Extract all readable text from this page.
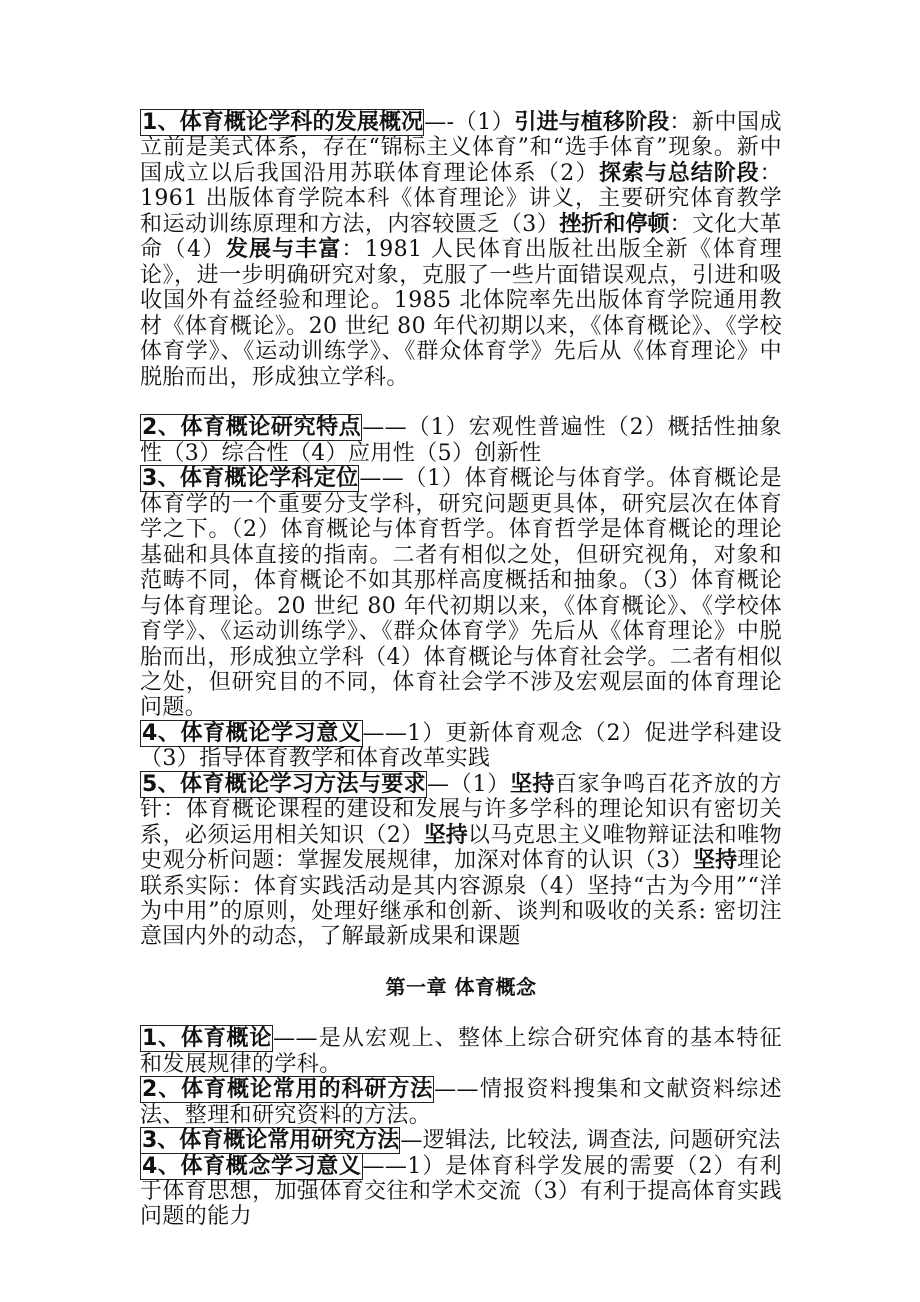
1、体育概论学科的发展概况—-（1）引进与植移阶段：新中国成立前是美式体系，存在“锦标主义体育”和“选手体育”现象。新中国成立以后我国沿用苏联体育理论体系（2）探索与总结阶段：1961 出版体育学院本科《体育理论》讲义，主要研究体育教学和运动训练原理和方法，内容较匮乏（3）挫折和停顿：文化大革命（4）发展与丰富：1981 人民体育出版社出版全新《体育理论》，进一步明确研究对象，克服了一些片面错误观点，引进和吸收国外有益经验和理论。1985 北体院率先出版体育学院通用教材《体育概论》。20 世纪 80 年代初期以来，《体育概论》、《学校体育学》、《运动训练学》、《群众体育学》先后从《体育理论》中脱胎而出，形成独立学科。

2、体育概论研究特点——（1）宏观性普遍性（2）概括性抽象性（3）综合性（4）应用性（5）创新性

3、体育概论学科定位——（1）体育概论与体育学。体育概论是体育学的一个重要分支学科，研究问题更具体，研究层次在体育学之下。（2）体育概论与体育哲学。体育哲学是体育概论的理论基础和具体直接的指南。二者有相似之处，但研究视角，对象和范畴不同，体育概论不如其那样高度概括和抽象。（3）体育概论与体育理论。20 世纪 80 年代初期以来，《体育概论》、《学校体育学》、《运动训练学》、《群众体育学》先后从《体育理论》中脱胎而出，形成独立学科（4）体育概论与体育社会学。二者有相似之处，但研究目的不同，体育社会学不涉及宏观层面的体育理论问题。

4、体育概论学习意义——1）更新体育观念（2）促进学科建设（3）指导体育教学和体育改革实践

5、体育概论学习方法与要求—（1）坚持百家争鸣百花齐放的方针：体育概论课程的建设和发展与许多学科的理论知识有密切关系，必须运用相关知识（2）坚持以马克思主义唯物辩证法和唯物史观分析问题：掌握发展规律，加深对体育的认识（3）坚持理论联系实际：体育实践活动是其内容源泉（4）坚持“古为今用”“洋为中用”的原则，处理好继承和创新、谈判和吸收的关系: 密切注意国内外的动态，了解最新成果和课题

第一章 体育概念

1、体育概论——是从宏观上、整体上综合研究体育的基本特征和发展规律的学科。

2、体育概论常用的科研方法——情报资料搜集和文献资料综述法、整理和研究资料的方法。

3、体育概论常用研究方法—逻辑法, 比较法, 调查法, 问题研究法

4、体育概念学习意义——1）是体育科学发展的需要（2）有利于体育思想，加强体育交往和学术交流（3）有利于提高体育实践问题的能力
